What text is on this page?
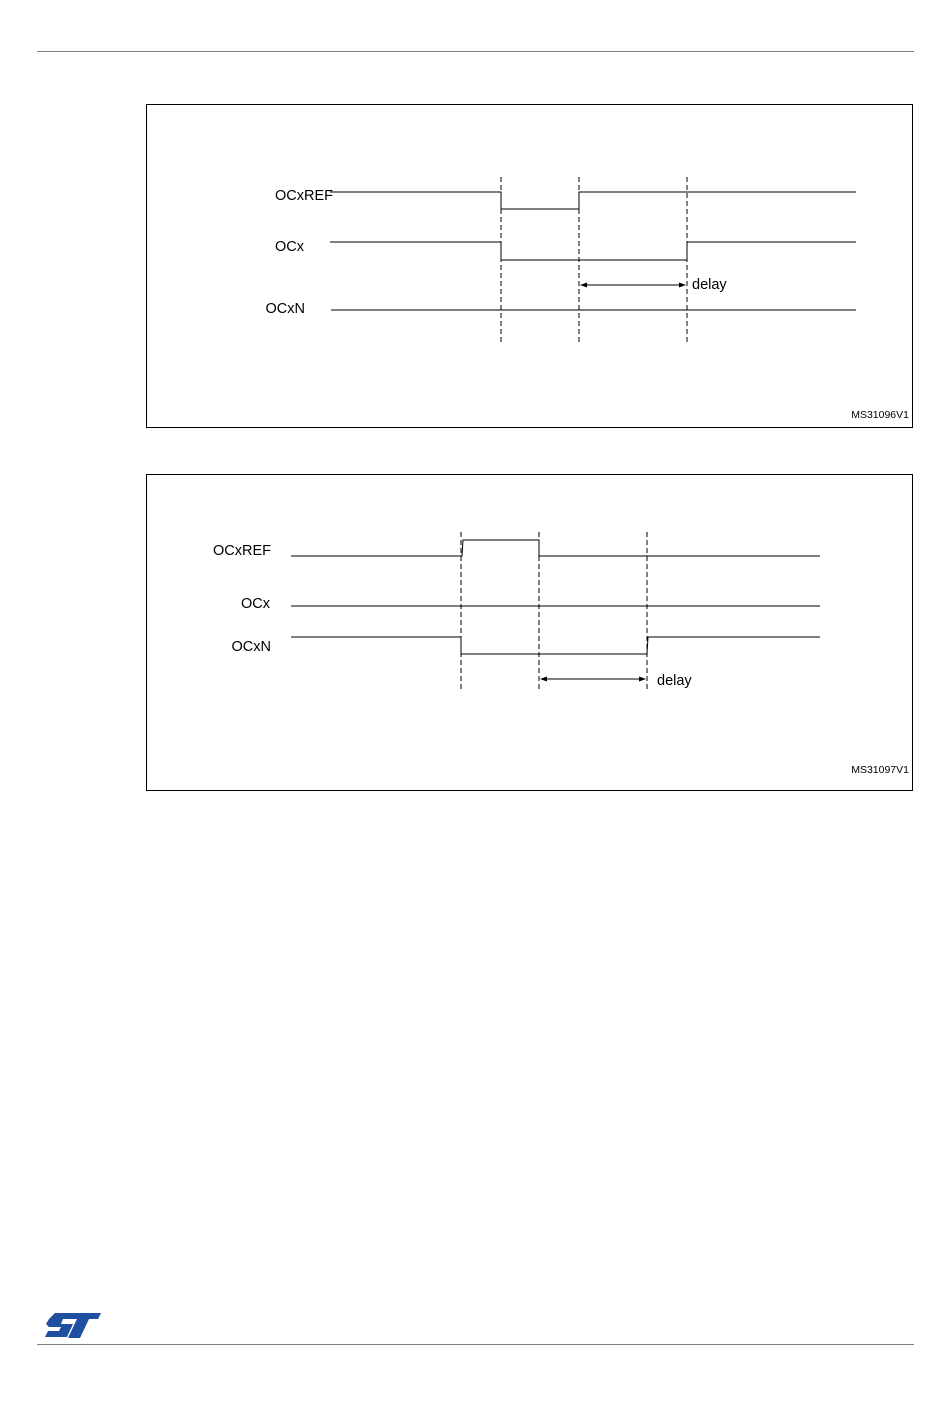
OCxREF
OCx
OCxN
delay
MS31096V1
OCxREF
OCx
OCxN
delay
MS31097V1
